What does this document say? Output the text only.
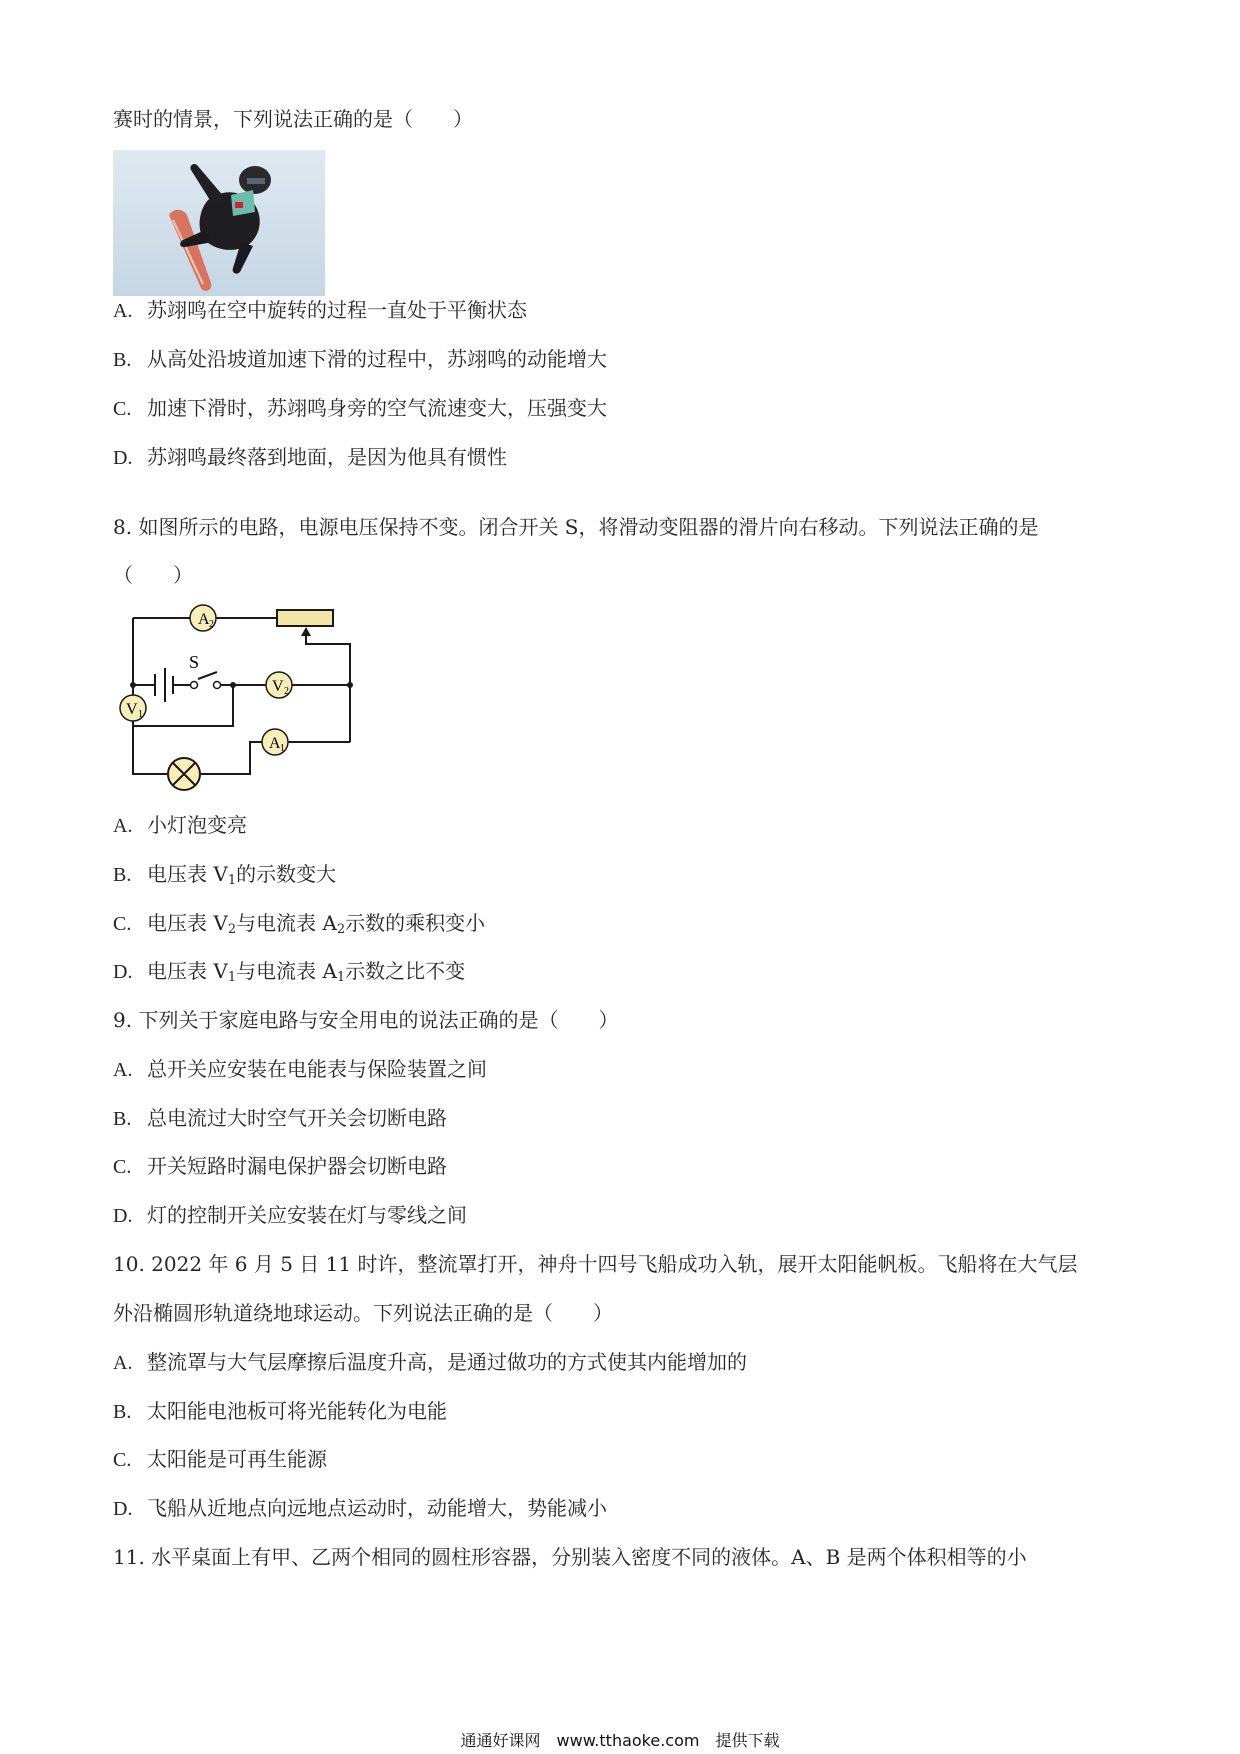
赛时的情景，下列说法正确的是（　　）
A. 苏翊鸣在空中旋转的过程一直处于平衡状态
B. 从高处沿坡道加速下滑的过程中，苏翊鸣的动能增大
C. 加速下滑时，苏翊鸣身旁的空气流速变大，压强变大
D. 苏翊鸣最终落到地面，是因为他具有惯性
8. 如图所示的电路，电源电压保持不变。闭合开关 S，将滑动变阻器的滑片向右移动。下列说法正确的是
（　　）
A 2
S
V 2
V 1
A 1
A. 小灯泡变亮
B. 电压表 $V_1$的示数变大
C. 电压表 $V_2$与电流表 $A_2$示数的乘积变小
D. 电压表 $V_1$与电流表 $A_1$示数之比不变
9. 下列关于家庭电路与安全用电的说法正确的是（　　）
A. 总开关应安装在电能表与保险装置之间
B. 总电流过大时空气开关会切断电路
C. 开关短路时漏电保护器会切断电路
D. 灯的控制开关应安装在灯与零线之间
10. 2022 年 6 月 5 日 11 时许，整流罩打开，神舟十四号飞船成功入轨，展开太阳能帆板。飞船将在大气层
外沿椭圆形轨道绕地球运动。下列说法正确的是（　　）
A. 整流罩与大气层摩擦后温度升高，是通过做功的方式使其内能增加的
B. 太阳能电池板可将光能转化为电能
C. 太阳能是可再生能源
D. 飞船从近地点向远地点运动时，动能增大，势能减小
11. 水平桌面上有甲、乙两个相同的圆柱形容器，分别装入密度不同的液体。A、B 是两个体积相等的小
通通好课网　www.tthaoke.com　提供下载
